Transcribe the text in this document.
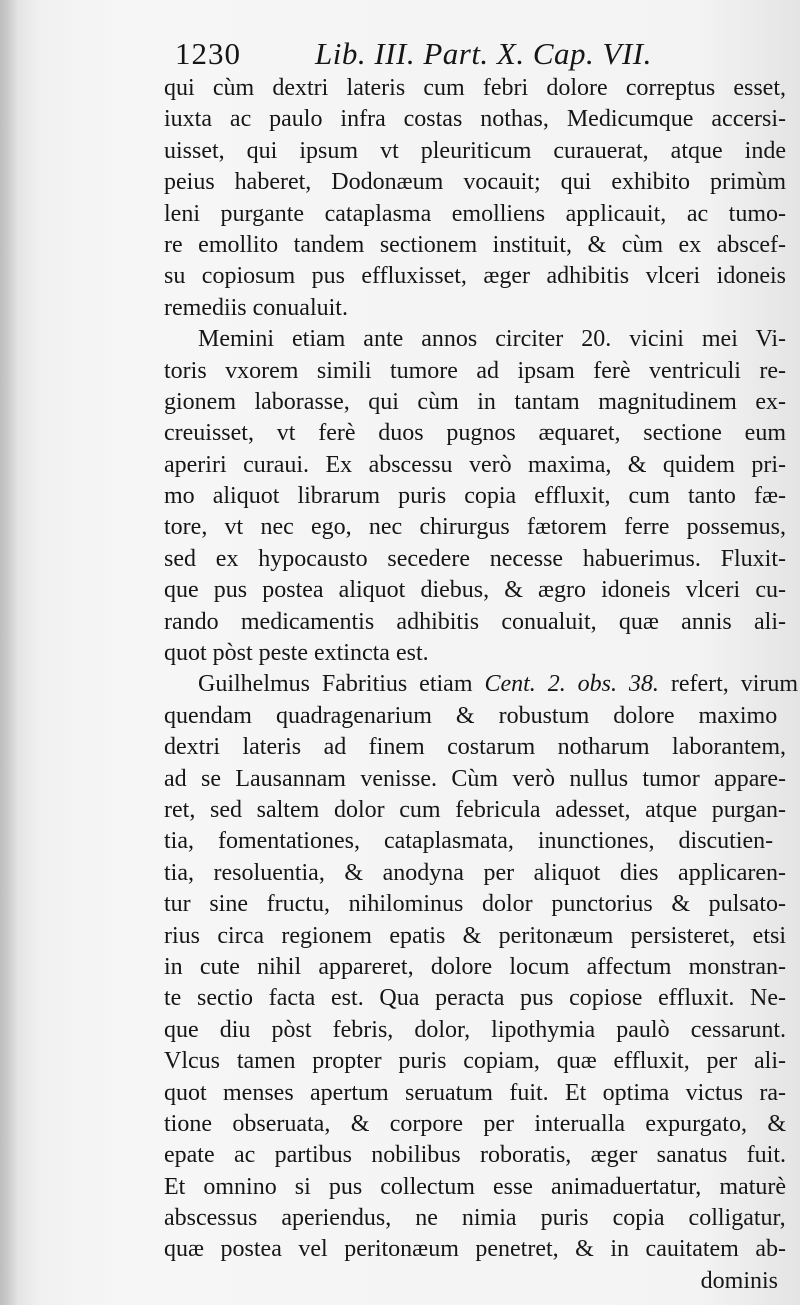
1230 Lib. III. Part. X. Cap. VII.
qui cùm dextri lateris cum febri dolore correptus esset,
iuxta ac paulo infra costas nothas, Medicumque accersi-
uisset, qui ipsum vt pleuriticum curauerat, atque inde
peius haberet, Dodonæum vocauit; qui exhibito primùm
leni purgante cataplasma emolliens applicauit, ac tumo-
re emollito tandem sectionem instituit, & cùm ex abscef-
su copiosum pus effluxisset, æger adhibitis vlceri idoneis
remediis conualuit.
Memini etiam ante annos circiter 20. vicini mei Vi-
toris vxorem simili tumore ad ipsam ferè ventriculi re-
gionem laborasse, qui cùm in tantam magnitudinem ex-
creuisset, vt ferè duos pugnos æquaret, sectione eum
aperiri curaui. Ex abscessu verò maxima, & quidem pri-
mo aliquot librarum puris copia effluxit, cum tanto fæ-
tore, vt nec ego, nec chirurgus fætorem ferre possemus,
sed ex hypocausto secedere necesse habuerimus. Fluxit-
que pus postea aliquot diebus, & ægro idoneis vlceri cu-
rando medicamentis adhibitis conualuit, quæ annis ali-
quot pòst peste extincta est.
Guilhelmus Fabritius etiam Cent. 2. obs. 38. refert, virum
quendam quadragenarium & robustum dolore maximo
dextri lateris ad finem costarum notharum laborantem,
ad se Lausannam venisse. Cùm verò nullus tumor appare-
ret, sed saltem dolor cum febricula adesset, atque purgan-
tia, fomentationes, cataplasmata, inunctiones, discutien-
tia, resoluentia, & anodyna per aliquot dies applicaren-
tur sine fructu, nihilominus dolor punctorius & pulsato-
rius circa regionem epatis & peritonæum persisteret, etsi
in cute nihil appareret, dolore locum affectum monstran-
te sectio facta est. Qua peracta pus copiose effluxit. Ne-
que diu pòst febris, dolor, lipothymia paulò cessarunt.
Vlcus tamen propter puris copiam, quæ effluxit, per ali-
quot menses apertum seruatum fuit. Et optima victus ra-
tione obseruata, & corpore per interualla expurgato, &
epate ac partibus nobilibus roboratis, æger sanatus fuit.
Et omnino si pus collectum esse animaduertatur, maturè
abscessus aperiendus, ne nimia puris copia colligatur,
quæ postea vel peritonæum penetret, & in cauitatem ab-
dominis
